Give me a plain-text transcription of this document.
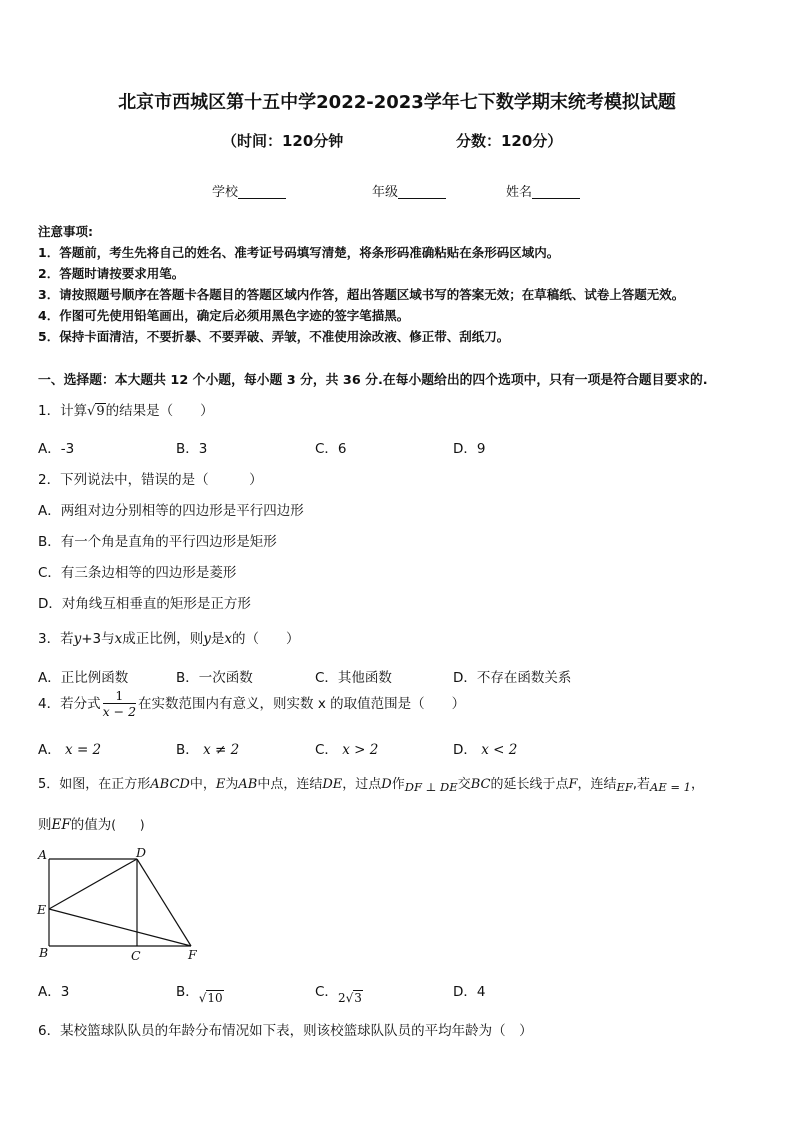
北京市西城区第十五中学2022-2023学年七下数学期末统考模拟试题
（时间：120分钟	分数：120分）
学校	年级	姓名
注意事项:
1．答题前，考生先将自己的姓名、准考证号码填写清楚，将条形码准确粘贴在条形码区域内。
2．答题时请按要求用笔。
3．请按照题号顺序在答题卡各题目的答题区域内作答，超出答题区域书写的答案无效；在草稿纸、试卷上答题无效。
4．作图可先使用铅笔画出，确定后必须用黑色字迹的签字笔描黑。
5．保持卡面清洁，不要折暴、不要弄破、弄皱，不准使用涂改液、修正带、刮纸刀。
一、选择题：本大题共 12 个小题，每小题 3 分，共 36 分.在每小题给出的四个选项中，只有一项是符合题目要求的.
1．计算√9的结果是（　　）
A．-3	B．3	C．6	D．9
2．下列说法中，错误的是（　　　）
A．两组对边分别相等的四边形是平行四边形
B．有一个角是直角的平行四边形是矩形
C．有三条边相等的四边形是菱形
D．对角线互相垂直的矩形是正方形
3．若y+3与x成正比例，则y是x的（　　）
A．正比例函数	B．一次函数	C．其他函数	D．不存在函数关系
4．若分式 $\frac{1}{x - 2}$ 在实数范围内有意义，则实数 x 的取值范围是（　　）
A． x = 2	B． x ≠ 2	C． x > 2	D． x < 2
5．如图，在正方形ABCD中，E为AB中点，连结DE，过点D作DF ⊥ DE交BC的延长线于点F，连结EF,若AE = 1，
则EF的值为(　　)
A	D
E
B	C	F
A．3	B．√10	C．2√3	D．4
6．某校篮球队队员的年龄分布情况如下表，则该校篮球队队员的平均年龄为（　）
